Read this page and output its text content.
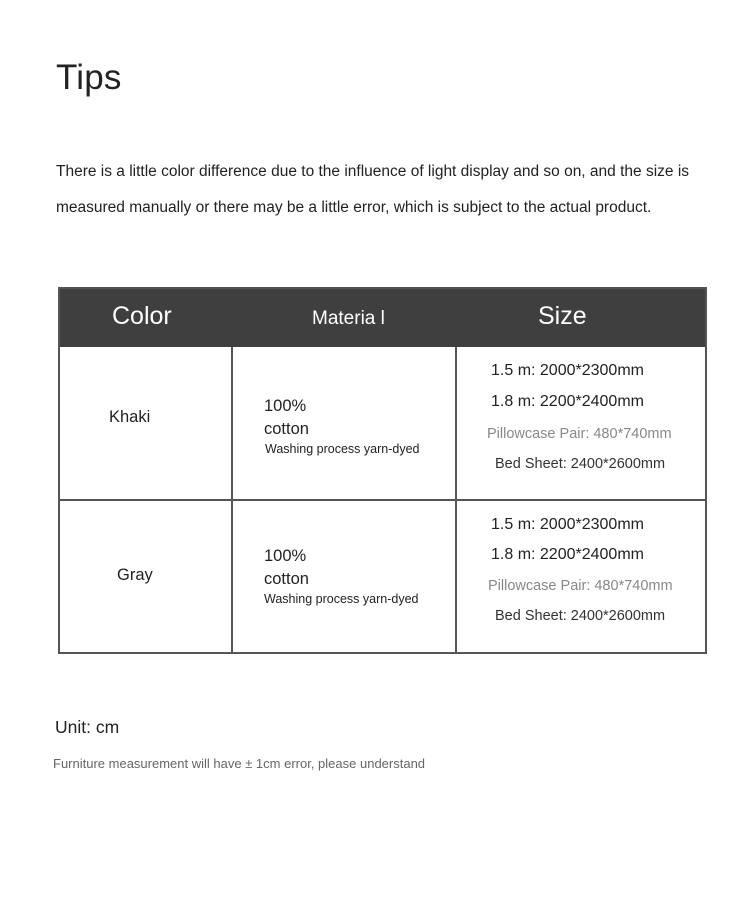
Tips
There is a little color difference due to the influence of light display and so on, and the size is
measured manually or there may be a little error, which is subject to the actual product.
Color	Materia l	Size
Khaki
100%
cotton
Washing process yarn-dyed
1.5 m: 2000*2300mm
1.8 m: 2200*2400mm
Pillowcase Pair: 480*740mm
Bed Sheet: 2400*2600mm
Gray
100%
cotton
Washing process yarn-dyed
1.5 m: 2000*2300mm
1.8 m: 2200*2400mm
Pillowcase Pair: 480*740mm
Bed Sheet: 2400*2600mm
Unit: cm
Furniture measurement will have ± 1cm error, please understand
